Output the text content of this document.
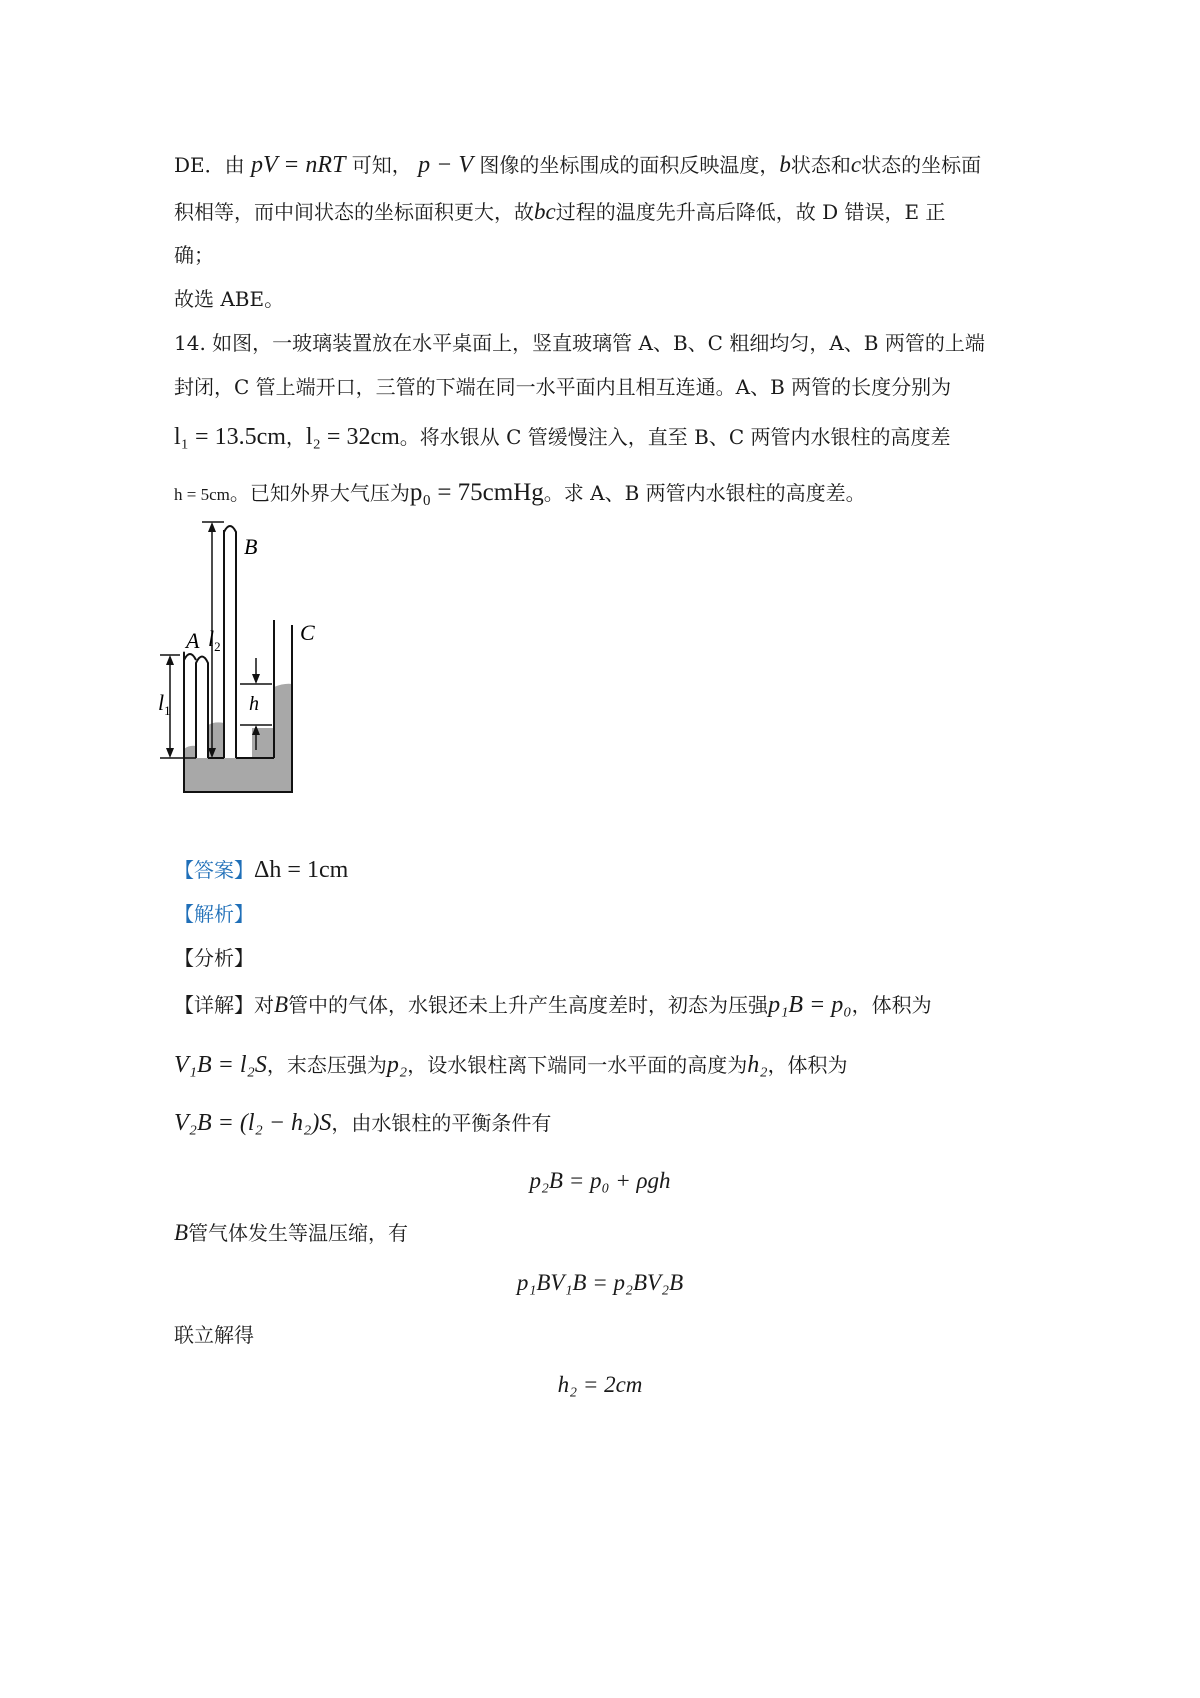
DE．由 pV = nRT 可知， p − V 图像的坐标围成的面积反映温度，b状态和c状态的坐标面
积相等，而中间状态的坐标面积更大，故bc过程的温度先升高后降低，故 D 错误，E 正
确；
故选 ABE。
14. 如图，一玻璃装置放在水平桌面上，竖直玻璃管 A、B、C 粗细均匀，A、B 两管的上端
封闭，C 管上端开口，三管的下端在同一水平面内且相互连通。A、B 两管的长度分别为
l₁ = 13.5cm，l₂ = 32cm。将水银从 C 管缓慢注入，直至 B、C 两管内水银柱的高度差
h = 5cm。已知外界大气压为p₀ = 75cmHg。求 A、B 两管内水银柱的高度差。
$l_1$
A $l_2$
B
h
C
【答案】Δh = 1cm
【解析】
【分析】
【详解】对B管中的气体，水银还未上升产生高度差时，初态为压强p₁B = p₀，体积为
V₁B = l₂S，末态压强为p₂，设水银柱离下端同一水平面的高度为h₂，体积为
V₂B = (l₂ − h₂)S，由水银柱的平衡条件有
p₂B = p₀ + ρgh
B管气体发生等温压缩，有
p₁BV₁B = p₂BV₂B
联立解得
h₂ = 2cm
